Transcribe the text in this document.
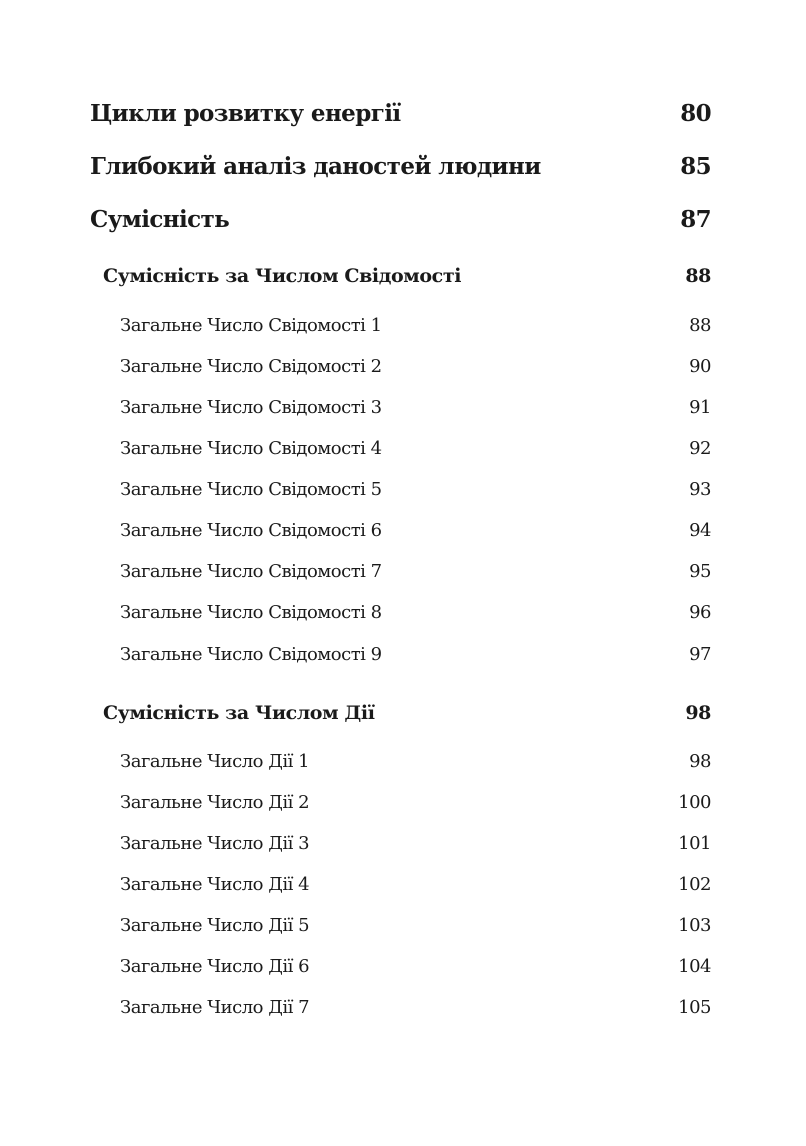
Цикли розвитку енергії	80
Глибокий аналіз даностей людини	85
Сумісність	87
Сумісність за Числом Свідомості	88
Загальне Число Свідомості 1	88
Загальне Число Свідомості 2	90
Загальне Число Свідомості 3	91
Загальне Число Свідомості 4	92
Загальне Число Свідомості 5	93
Загальне Число Свідомості 6	94
Загальне Число Свідомості 7	95
Загальне Число Свідомості 8	96
Загальне Число Свідомості 9	97
Сумісність за Числом Дії	98
Загальне Число Дії 1	98
Загальне Число Дії 2	100
Загальне Число Дії 3	101
Загальне Число Дії 4	102
Загальне Число Дії 5	103
Загальне Число Дії 6	104
Загальне Число Дії 7	105
